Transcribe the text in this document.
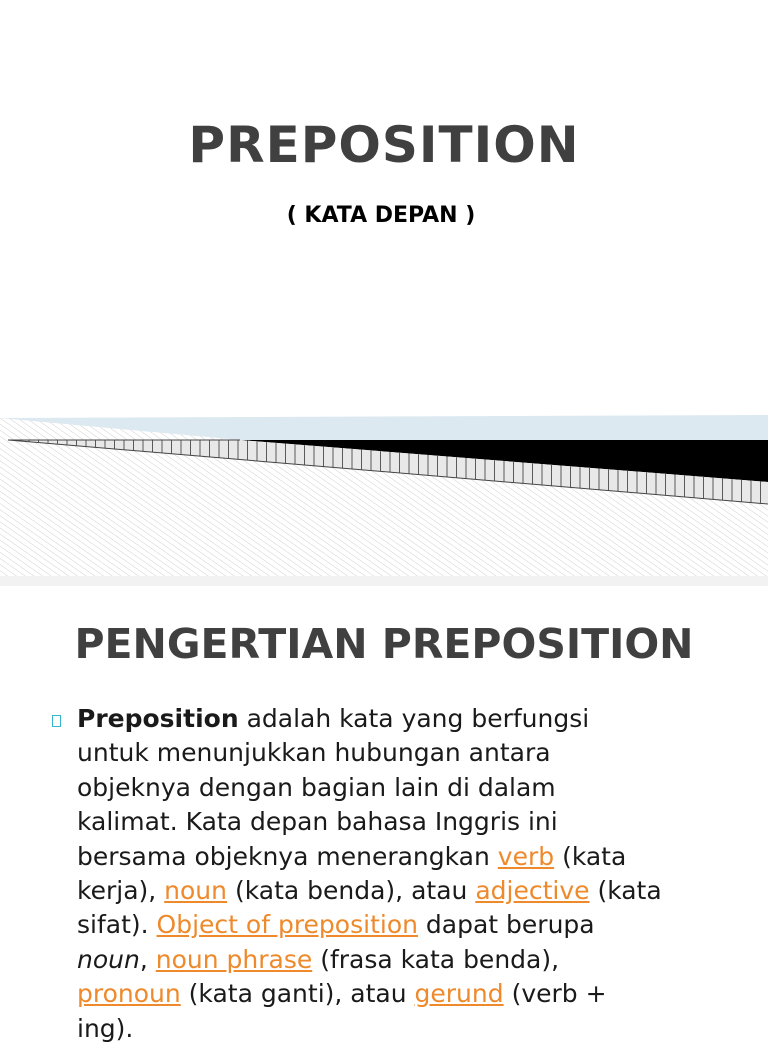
PREPOSITION
( KATA DEPAN )
PENGERTIAN PREPOSITION
Preposition adalah kata yang berfungsi
untuk menunjukkan hubungan antara
objeknya dengan bagian lain di dalam
kalimat. Kata depan bahasa Inggris ini
bersama objeknya menerangkan verb (kata
kerja), noun (kata benda), atau adjective (kata
sifat). Object of preposition dapat berupa
noun, noun phrase (frasa kata benda),
pronoun (kata ganti), atau gerund (verb +
ing).
